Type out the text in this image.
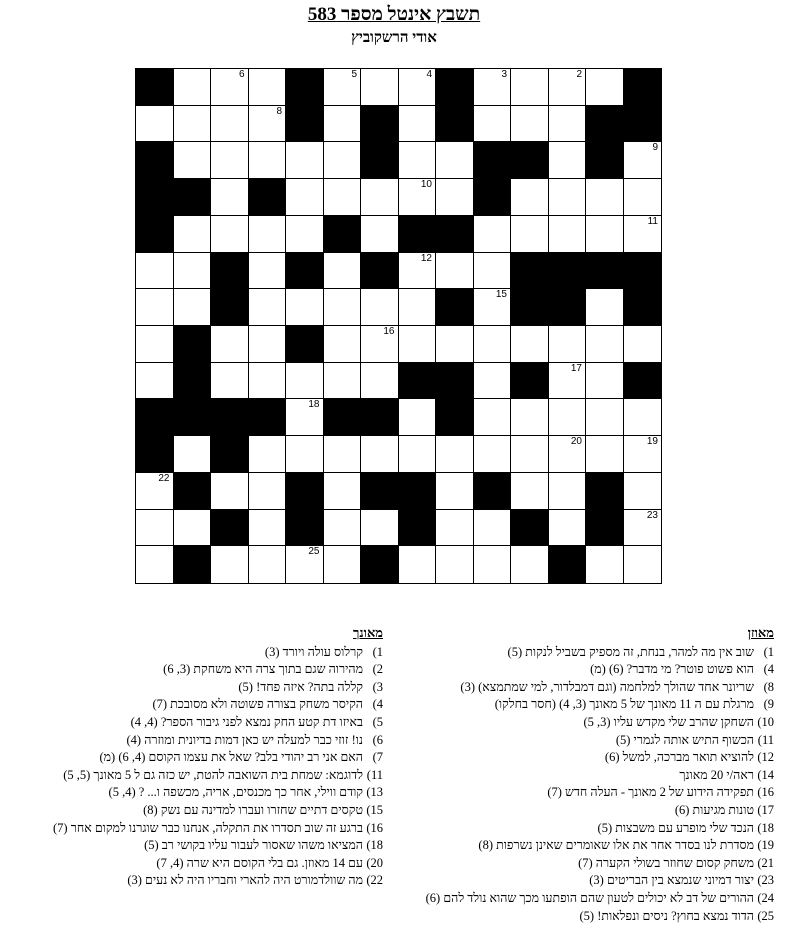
תשבץ אינטל מספר 583
אודי הרשקוביץ
7	6	5	4	3	2	1
8
9
10
11
13	12
15	14
16
17
18
20	19
22	21
23
25	24
מאוזן
1)
שוב אין מה למהר, בנחת, זה מספיק בשביל לנקות (5)
4)
הוא פשוט פוטר? מי מדבר? (6) (מ)
8)
שריונר אחד שהולך למלחמה (וגם דמבלדור, למי שמתמצא) (3)
9)
מרגלת עם ה 11 מאונך של 5 מאונך (3, 4) (חסר בחלקו)
10)
השחקן שהרב שלי מקדש עליו (3, 5)
11)
הכשוף התיש אותה לגמרי (5)
12)
להוציא תואר מברכה, למשל (6)
14)
ראה/י 20 מאונך
16)
תפקידה הידוע של 2 מאונך - העלה חדש (7)
17)
טונות מגיעות (6)
18)
הנכד שלי מופרע עם משבצות (5)
19)
מסדרת לנו בסדר אחר את אלו שאומרים שאינן נשרפות (8)
21)
משחק קסום שחוזר בשולי הקערה (7)
23)
יצור דמיוני שנמצא בין הבריטים (3)
24)
ההורים של דב לא יכולים לטעון שהם הופתעו מכך שהוא נולד להם (6)
25)
הדוד נמצא בחוץ? ניסים ונפלאות! (5)
מאונך
1)
קרלוס עולה ויורד (3)
2)
מהירוה שגם בתוך צרה היא משחקת (3, 6)
3)
קללה בתה? איזה פחד! (5)
4)
הקיסר משחק בצורה פשוטה ולא מסובכת (7)
5)
באיזו דת קטע החק נמצא לפני גיבור הספר? (4, 4)
6)
נו! זוזי כבר למעלה יש כאן דמות בדיונית ומוזרה (4)
7)
האם אני רב יהודי בלב? שאל את עצמו הקוסם (4, 6) (מ)
11)
לדוגמא: שמחת בית השואבה להטת, יש כזה גם ל 5 מאונך (5, 5)
13)
קודם ווילי, אחר כך מכנסים, אריה, מכשפה ו... ? (4, 5)
15)
טקסים דתיים שחזרו ועברו למדינה עם נשק (8)
16)
ברגע זה שוב תסדרו את התקלה, אנחנו כבר שוגרנו למקום אחר (7)
18)
המציאו משהו שאסור לעבור עליו בקושי רב (5)
20)
עם 14 מאוזן. גם בלי הקוסם היא שרה (4, 7)
22)
מה שוולדמורט היה להארי וחבריו היה לא נעים (3)
